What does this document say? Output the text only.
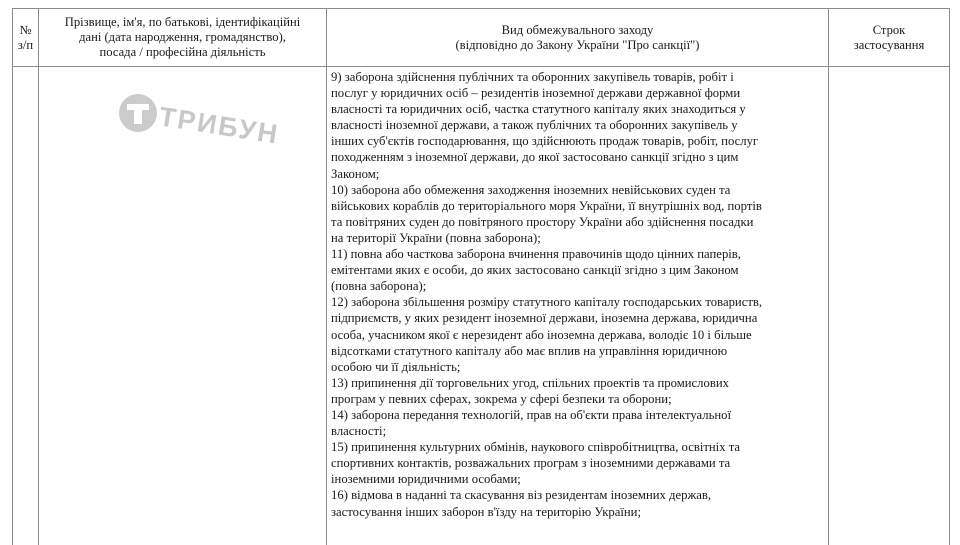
№
з/п
Прізвище, ім'я, по батькові, ідентифікаційні
дані (дата народження, громадянство),
посада / професійна діяльність
Вид обмежувального заходу
(відповідно до Закону України "Про санкції")
Строк
застосування

9) заборона здійснення публічних та оборонних закупівель товарів, робіт і

послуг у юридичних осіб – резидентів іноземної держави державної форми

власності та юридичних осіб, частка статутного капіталу яких знаходиться у

власності іноземної держави, а також публічних та оборонних закупівель у

інших суб'єктів господарювання, що здійснюють продаж товарів, робіт, послуг

походженням з іноземної держави, до якої застосовано санкції згідно з цим

Законом;

10) заборона або обмеження заходження іноземних невійськових суден та

військових кораблів до територіального моря України, її внутрішніх вод, портів

та повітряних суден до повітряного простору України або здійснення посадки

на території України (повна заборона);

11) повна або часткова заборона вчинення правочинів щодо цінних паперів,

емітентами яких є особи, до яких застосовано санкції згідно з цим Законом

(повна заборона);

12) заборона збільшення розміру статутного капіталу господарських товариств,

підприємств, у яких резидент іноземної держави, іноземна держава, юридична

особа, учасником якої є нерезидент або іноземна держава, володіє 10 і більше

відсотками статутного капіталу або має вплив на управління юридичною

особою чи її діяльність;

13) припинення дії торговельних угод, спільних проектів та промислових

програм у певних сферах, зокрема у сфері безпеки та оборони;

14) заборона передання технологій, прав на об'єкти права інтелектуальної

власності;

15) припинення культурних обмінів, наукового співробітництва, освітніх та

спортивних контактів, розважальних програм з іноземними державами та

іноземними юридичними особами;

16) відмова в наданні та скасування віз резидентам іноземних держав,

застосування інших заборон в'їзду на територію України;

ТРИБУН
